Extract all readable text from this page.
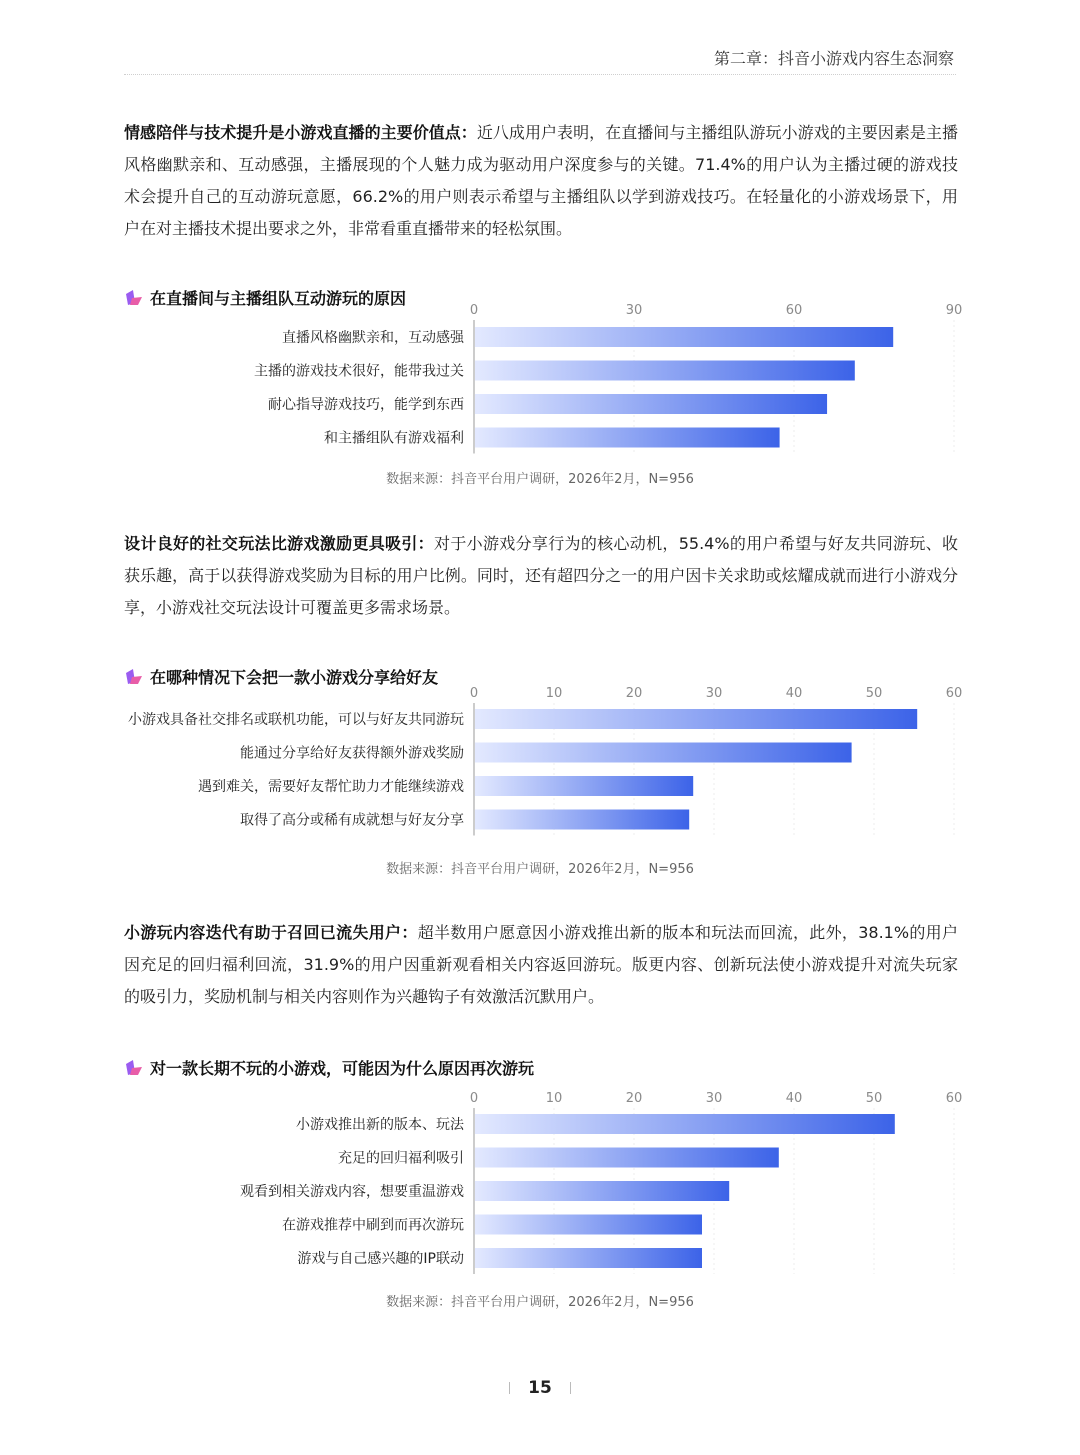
第二章：抖音小游戏内容生态洞察
情感陪伴与技术提升是小游戏直播的主要价值点：近八成用户表明，在直播间与主播组队游玩小游戏的主要因素是主播风格幽默亲和、互动感强，主播展现的个人魅力成为驱动用户深度参与的关键。71.4%的用户认为主播过硬的游戏技术会提升自己的互动游玩意愿，66.2%的用户则表示希望与主播组队以学到游戏技巧。在轻量化的小游戏场景下，用户在对主播技术提出要求之外，非常看重直播带来的轻松氛围。
在直播间与主播组队互动游玩的原因
0	30	60	90
直播风格幽默亲和，互动感强
主播的游戏技术很好，能带我过关
耐心指导游戏技巧，能学到东西
和主播组队有游戏福利
数据来源：抖音平台用户调研，2026年2月，N=956
设计良好的社交玩法比游戏激励更具吸引：对于小游戏分享行为的核心动机，55.4%的用户希望与好友共同游玩、收获乐趣，高于以获得游戏奖励为目标的用户比例。同时，还有超四分之一的用户因卡关求助或炫耀成就而进行小游戏分享，小游戏社交玩法设计可覆盖更多需求场景。
在哪种情况下会把一款小游戏分享给好友
0	10	20	30	40	50	60
小游戏具备社交排名或联机功能，可以与好友共同游玩
能通过分享给好友获得额外游戏奖励
遇到难关，需要好友帮忙助力才能继续游戏
取得了高分或稀有成就想与好友分享
数据来源：抖音平台用户调研，2026年2月，N=956
小游玩内容迭代有助于召回已流失用户：超半数用户愿意因小游戏推出新的版本和玩法而回流，此外，38.1%的用户因充足的回归福利回流，31.9%的用户因重新观看相关内容返回游玩。版更内容、创新玩法使小游戏提升对流失玩家的吸引力，奖励机制与相关内容则作为兴趣钩子有效激活沉默用户。
对一款长期不玩的小游戏，可能因为什么原因再次游玩
0	10	20	30	40	50	60
小游戏推出新的版本、玩法
充足的回归福利吸引
观看到相关游戏内容，想要重温游戏
在游戏推荐中刷到而再次游玩
游戏与自己感兴趣的IP联动
数据来源：抖音平台用户调研，2026年2月，N=956
15
